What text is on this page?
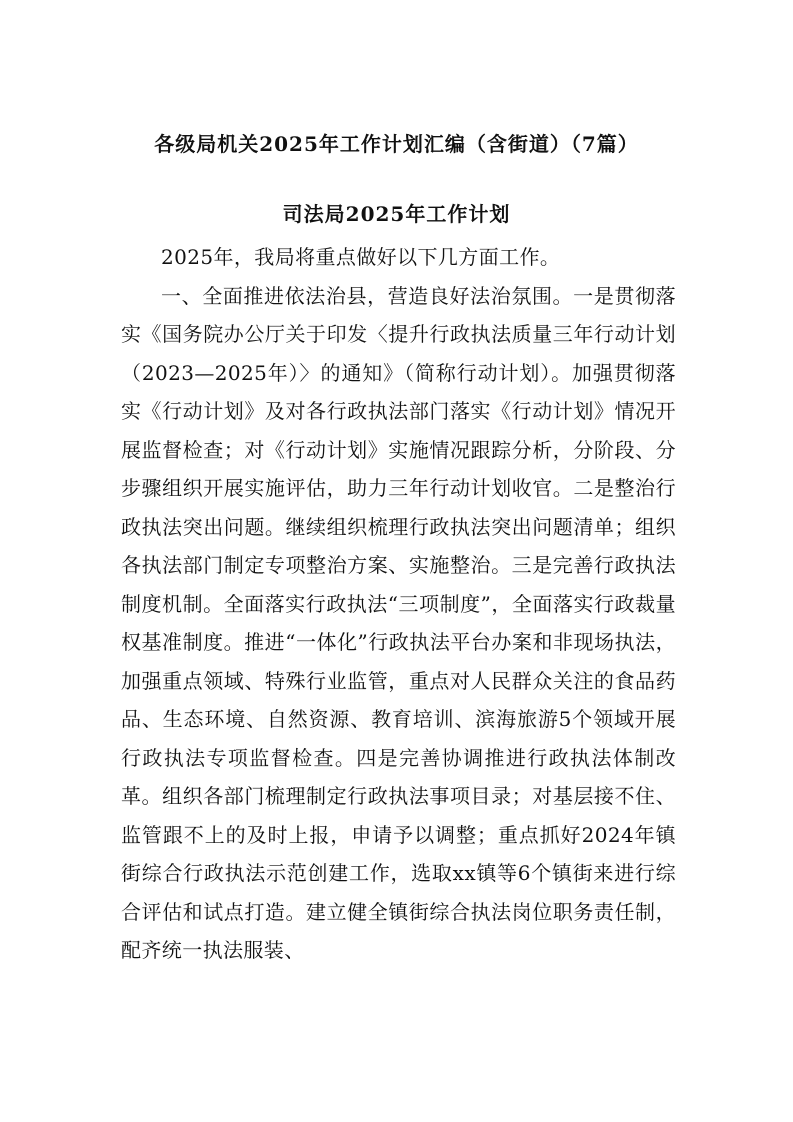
各级局机关2025年工作计划汇编（含街道）（7篇）
司法局2025年工作计划

2025年，我局将重点做好以下几方面工作。

一、全面推进依法治县，营造良好法治氛围。一是贯彻落实《国务院办公厅关于印发〈提升行政执法质量三年行动计划（2023—2025年）〉的通知》（简称行动计划）。加强贯彻落实《行动计划》及对各行政执法部门落实《行动计划》情况开展监督检查；对《行动计划》实施情况跟踪分析，分阶段、分步骤组织开展实施评估，助力三年行动计划收官。二是整治行政执法突出问题。继续组织梳理行政执法突出问题清单；组织各执法部门制定专项整治方案、实施整治。三是完善行政执法制度机制。全面落实行政执法“三项制度”，全面落实行政裁量权基准制度。推进“一体化”行政执法平台办案和非现场执法，加强重点领域、特殊行业监管，重点对人民群众关注的食品药品、生态环境、自然资源、教育培训、滨海旅游5个领域开展行政执法专项监督检查。四是完善协调推进行政执法体制改革。组织各部门梳理制定行政执法事项目录；对基层接不住、监管跟不上的及时上报，申请予以调整；重点抓好2024年镇街综合行政执法示范创建工作，选取xx镇等6个镇街来进行综合评估和试点打造。建立健全镇街综合执法岗位职务责任制，配齐统一执法服装、
